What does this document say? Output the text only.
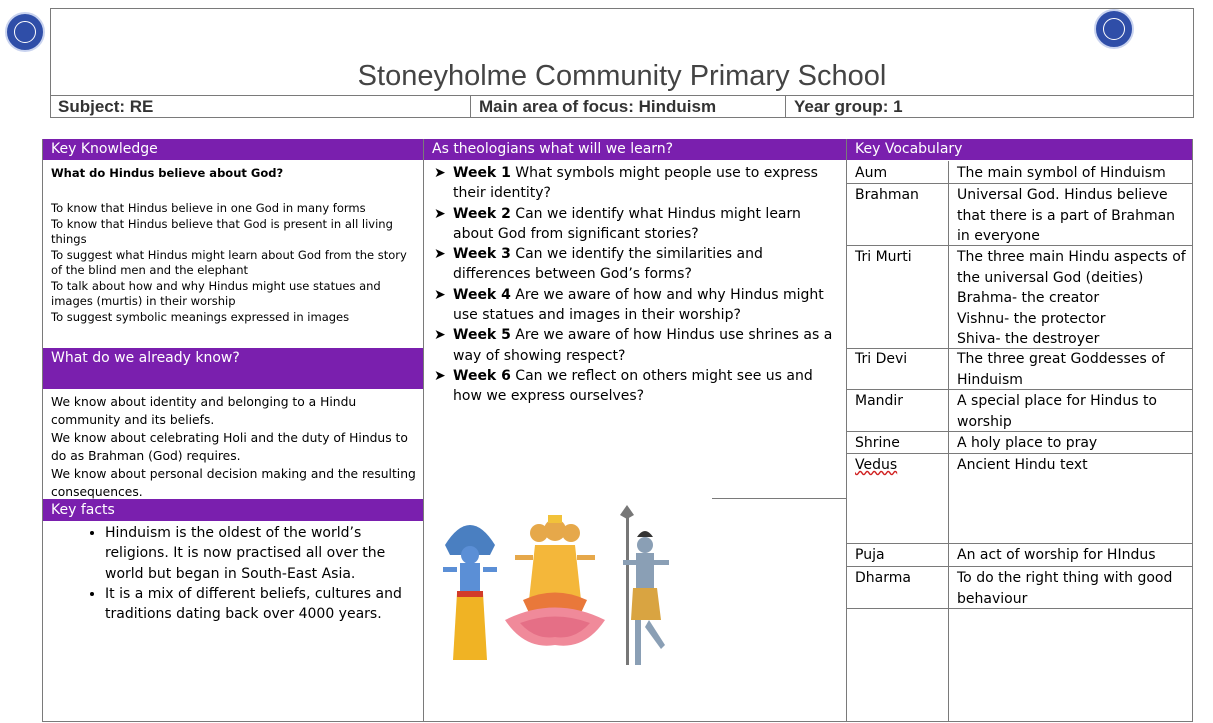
Stoneyholme Community Primary School
Subject: RE	Main area of focus: Hinduism	Year group: 1
Key Knowledge	As theologians what will we learn?	Key Vocabulary
What do Hindus believe about God?
To know that Hindus believe in one God in many forms
To know that Hindus believe that God is present in all living things
To suggest what Hindus might learn about God from the story of the blind men and the elephant
To talk about how and why Hindus might use statues and images (murtis) in their worship
To suggest symbolic meanings expressed in images
What do we already know?
We know about identity and belonging to a Hindu community and its beliefs.
We know about celebrating Holi and the duty of Hindus to do as Brahman (God) requires.
We know about personal decision making and the resulting consequences.
Key facts
• Hinduism is the oldest of the world’s religions. It is now practised all over the world but began in South-East Asia.
• It is a mix of different beliefs, cultures and traditions dating back over 4000 years.
➤ Week 1 What symbols might people use to express their identity?
➤ Week 2 Can we identify what Hindus might learn about God from significant stories?
➤ Week 3 Can we identify the similarities and differences between God’s forms?
➤ Week 4 Are we aware of how and why Hindus might use statues and images in their worship?
➤ Week 5 Are we aware of how Hindus use shrines as a way of showing respect?
➤ Week 6 Can we reflect on others might see us and how we express ourselves?
Aum	The main symbol of Hinduism
Brahman	Universal God. Hindus believe that there is a part of Brahman in everyone
Tri Murti	The three main Hindu aspects of the universal God (deities)
Brahma- the creator
Vishnu- the protector
Shiva- the destroyer
Tri Devi	The three great Goddesses of Hinduism
Mandir	A special place for Hindus to worship
Shrine	A holy place to pray
Vedus	Ancient Hindu text
Puja	An act of worship for HIndus
Dharma	To do the right thing with good behaviour
